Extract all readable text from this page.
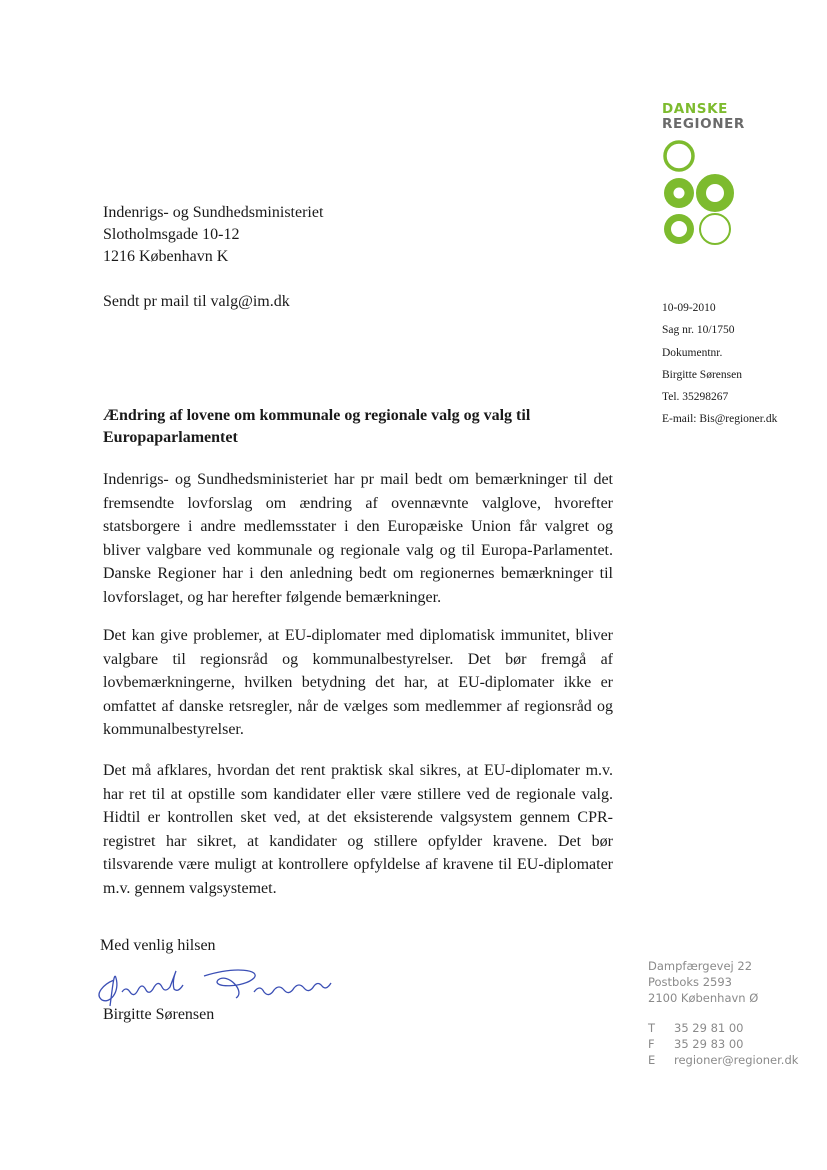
DANSKE
REGIONER
Indenrigs- og Sundhedsministeriet
Slotholmsgade 10-12
1216 København K
Sendt pr mail til valg@im.dk	10-09-2010
Sag nr. 10/1750
Dokumentnr.
Birgitte Sørensen
Tel. 35298267
E-mail: Bis@regioner.dk
Ændring af lovene om kommunale og regionale valg og valg til Europaparlamentet
Indenrigs- og Sundhedsministeriet har pr mail bedt om bemærkninger til det fremsendte lovforslag om ændring af ovennævnte valglove, hvorefter statsborgere i andre medlemsstater i den Europæiske Union får valgret og bliver valgbare ved kommunale og regionale valg og til Europa-Parlamentet. Danske Regioner har i den anledning bedt om regionernes bemærkninger til lovforslaget, og har herefter følgende bemærkninger.
Det kan give problemer, at EU-diplomater med diplomatisk immunitet, bliver valgbare til regionsråd og kommunalbestyrelser. Det bør fremgå af lovbemærkningerne, hvilken betydning det har, at EU-diplomater ikke er omfattet af danske retsregler, når de vælges som medlemmer af regionsråd og kommunalbestyrelser.
Det må afklares, hvordan det rent praktisk skal sikres, at EU-diplomater m.v. har ret til at opstille som kandidater eller være stillere ved de regionale valg. Hidtil er kontrollen sket ved, at det eksisterende valgsystem gennem CPR-registret har sikret, at kandidater og stillere opfylder kravene. Det bør tilsvarende være muligt at kontrollere opfyldelse af kravene til EU-diplomater m.v. gennem valgsystemet.
Med venlig hilsen
Birgitte Sørensen
Dampfærgevej 22
Postboks 2593
2100 København Ø
T	35 29 81 00
F	35 29 83 00
E	regioner@regioner.dk
